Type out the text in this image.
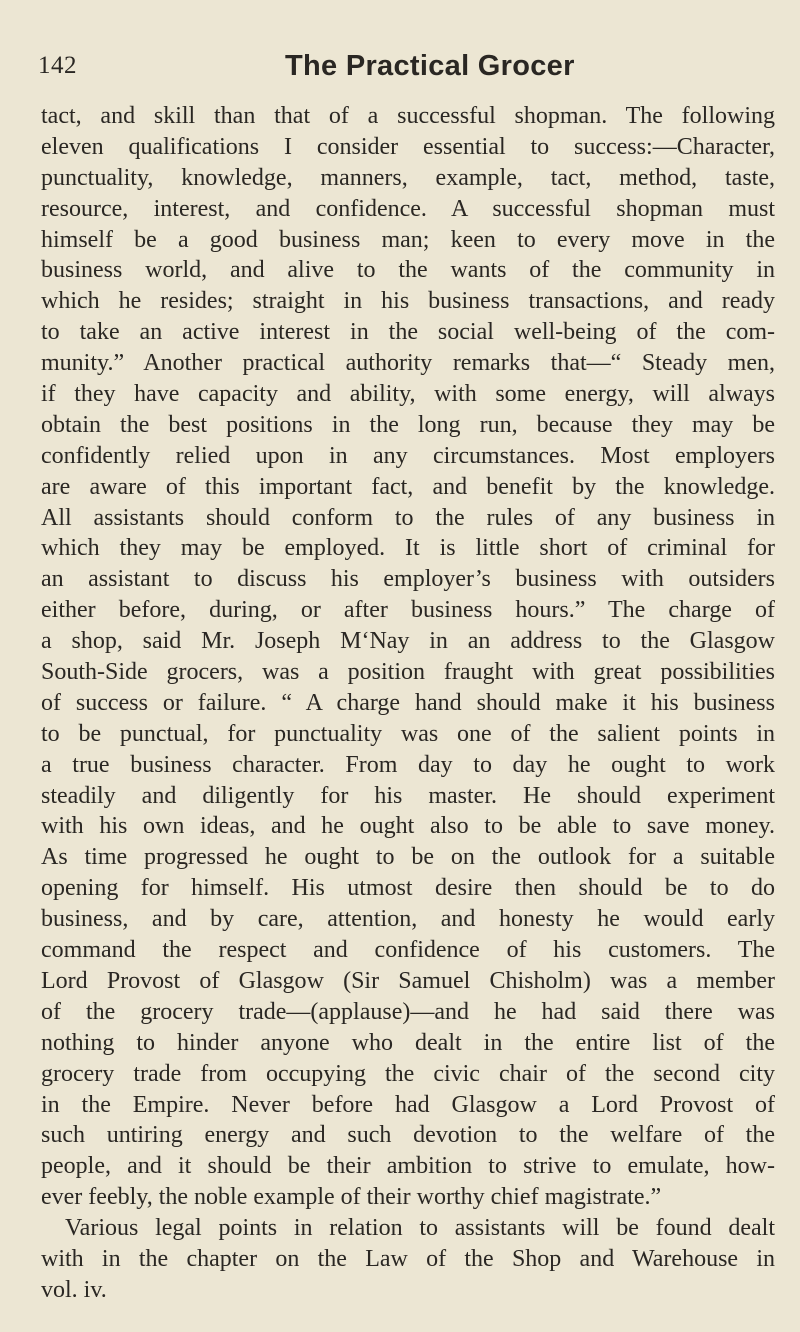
142	The Practical Grocer
tact, and skill than that of a successful shopman. The following
eleven qualifications I consider essential to success:—Character,
punctuality, knowledge, manners, example, tact, method, taste,
resource, interest, and confidence. A successful shopman must
himself be a good business man; keen to every move in the
business world, and alive to the wants of the community in
which he resides; straight in his business transactions, and ready
to take an active interest in the social well-being of the com-
munity.” Another practical authority remarks that—“ Steady men,
if they have capacity and ability, with some energy, will always
obtain the best positions in the long run, because they may be
confidently relied upon in any circumstances. Most employers
are aware of this important fact, and benefit by the knowledge.
All assistants should conform to the rules of any business in
which they may be employed. It is little short of criminal for
an assistant to discuss his employer’s business with outsiders
either before, during, or after business hours.” The charge of
a shop, said Mr. Joseph M‘Nay in an address to the Glasgow
South-Side grocers, was a position fraught with great possibilities
of success or failure. “ A charge hand should make it his business
to be punctual, for punctuality was one of the salient points in
a true business character. From day to day he ought to work
steadily and diligently for his master. He should experiment
with his own ideas, and he ought also to be able to save money.
As time progressed he ought to be on the outlook for a suitable
opening for himself. His utmost desire then should be to do
business, and by care, attention, and honesty he would early
command the respect and confidence of his customers. The
Lord Provost of Glasgow (Sir Samuel Chisholm) was a member
of the grocery trade—(applause)—and he had said there was
nothing to hinder anyone who dealt in the entire list of the
grocery trade from occupying the civic chair of the second city
in the Empire. Never before had Glasgow a Lord Provost of
such untiring energy and such devotion to the welfare of the
people, and it should be their ambition to strive to emulate, how-
ever feebly, the noble example of their worthy chief magistrate.”
Various legal points in relation to assistants will be found dealt
with in the chapter on the Law of the Shop and Warehouse in
vol. iv.
